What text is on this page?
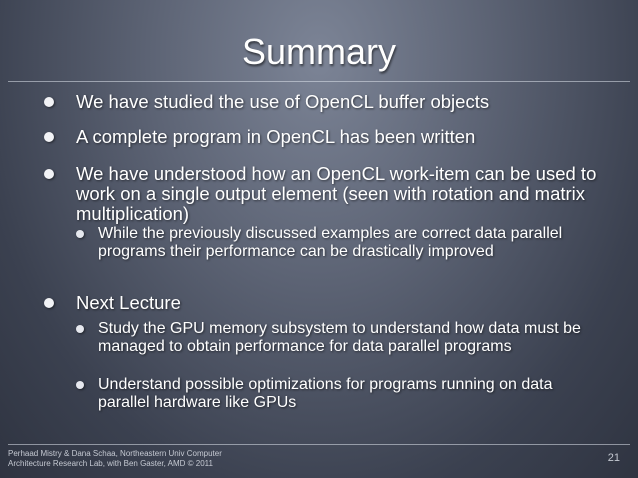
Summary
We have studied the use of OpenCL buffer objects
A complete program in OpenCL has been written
We have understood how an OpenCL work-item can be used to work on a single output element (seen with rotation and matrix multiplication)
While the previously discussed examples are correct data parallel programs their performance can be drastically improved
Next Lecture
Study the GPU memory subsystem to understand how data must be managed to obtain performance for data parallel programs
Understand possible optimizations for programs running on data parallel hardware like GPUs
Perhaad Mistry & Dana Schaa, Northeastern Univ Computer Architecture Research Lab, with Ben Gaster, AMD © 2011	21
